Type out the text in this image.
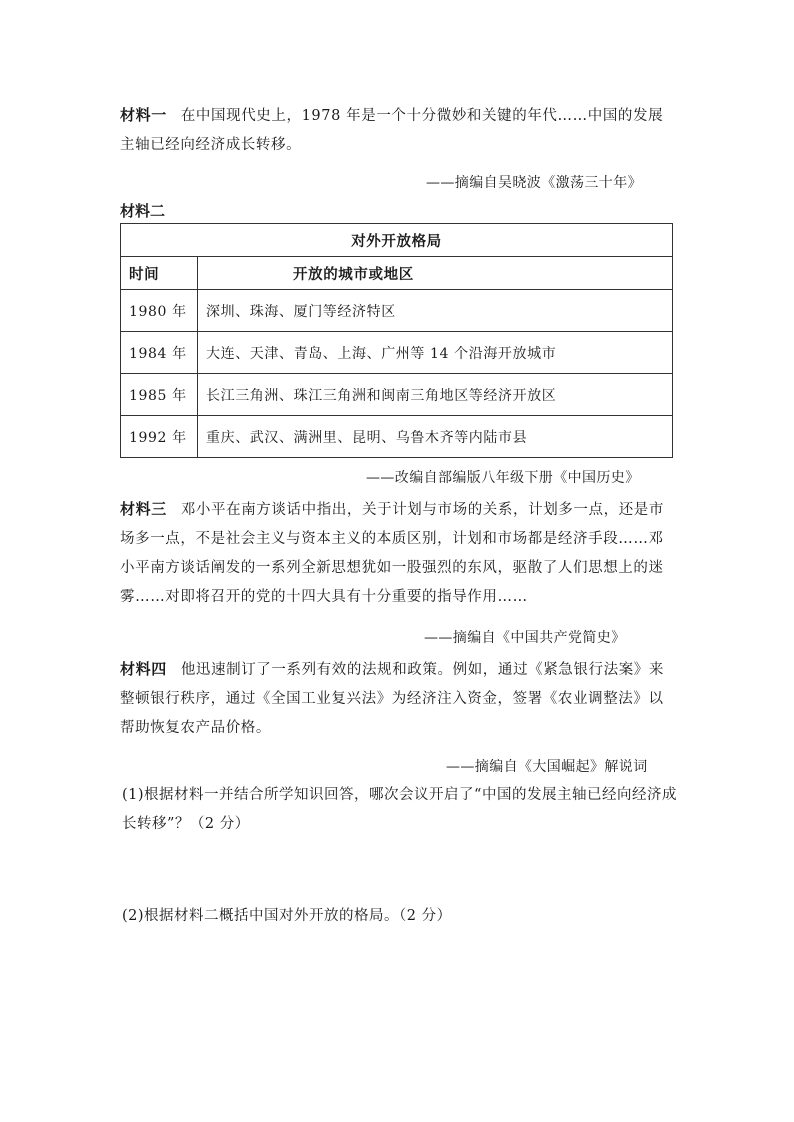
材料一 在中国现代史上，1978 年是一个十分微妙和关键的年代……中国的发展主轴已经向经济成长转移。

——摘编自吴晓波《激荡三十年》
材料二
对外开放格局	
时间	开放的城市或地区
1980 年	深圳、珠海、厦门等经济特区
1984 年	大连、天津、青岛、上海、广州等 14 个沿海开放城市
1985 年	长江三角洲、珠江三角洲和闽南三角地区等经济开放区
1992 年	重庆、武汉、满洲里、昆明、乌鲁木齐等内陆市县
——改编自部编版八年级下册《中国历史》

材料三 邓小平在南方谈话中指出，关于计划与市场的关系，计划多一点，还是市场多一点，不是社会主义与资本主义的本质区别，计划和市场都是经济手段……邓小平南方谈话阐发的一系列全新思想犹如一股强烈的东风，驱散了人们思想上的迷雾……对即将召开的党的十四大具有十分重要的指导作用……

——摘编自《中国共产党简史》

材料四 他迅速制订了一系列有效的法规和政策。例如，通过《紧急银行法案》来整顿银行秩序，通过《全国工业复兴法》为经济注入资金，签署《农业调整法》以帮助恢复农产品价格。

——摘编自《大国崛起》解说词

(1)根据材料一并结合所学知识回答，哪次会议开启了“中国的发展主轴已经向经济成长转移”？（2 分）

(2)根据材料二概括中国对外开放的格局。（2 分）
